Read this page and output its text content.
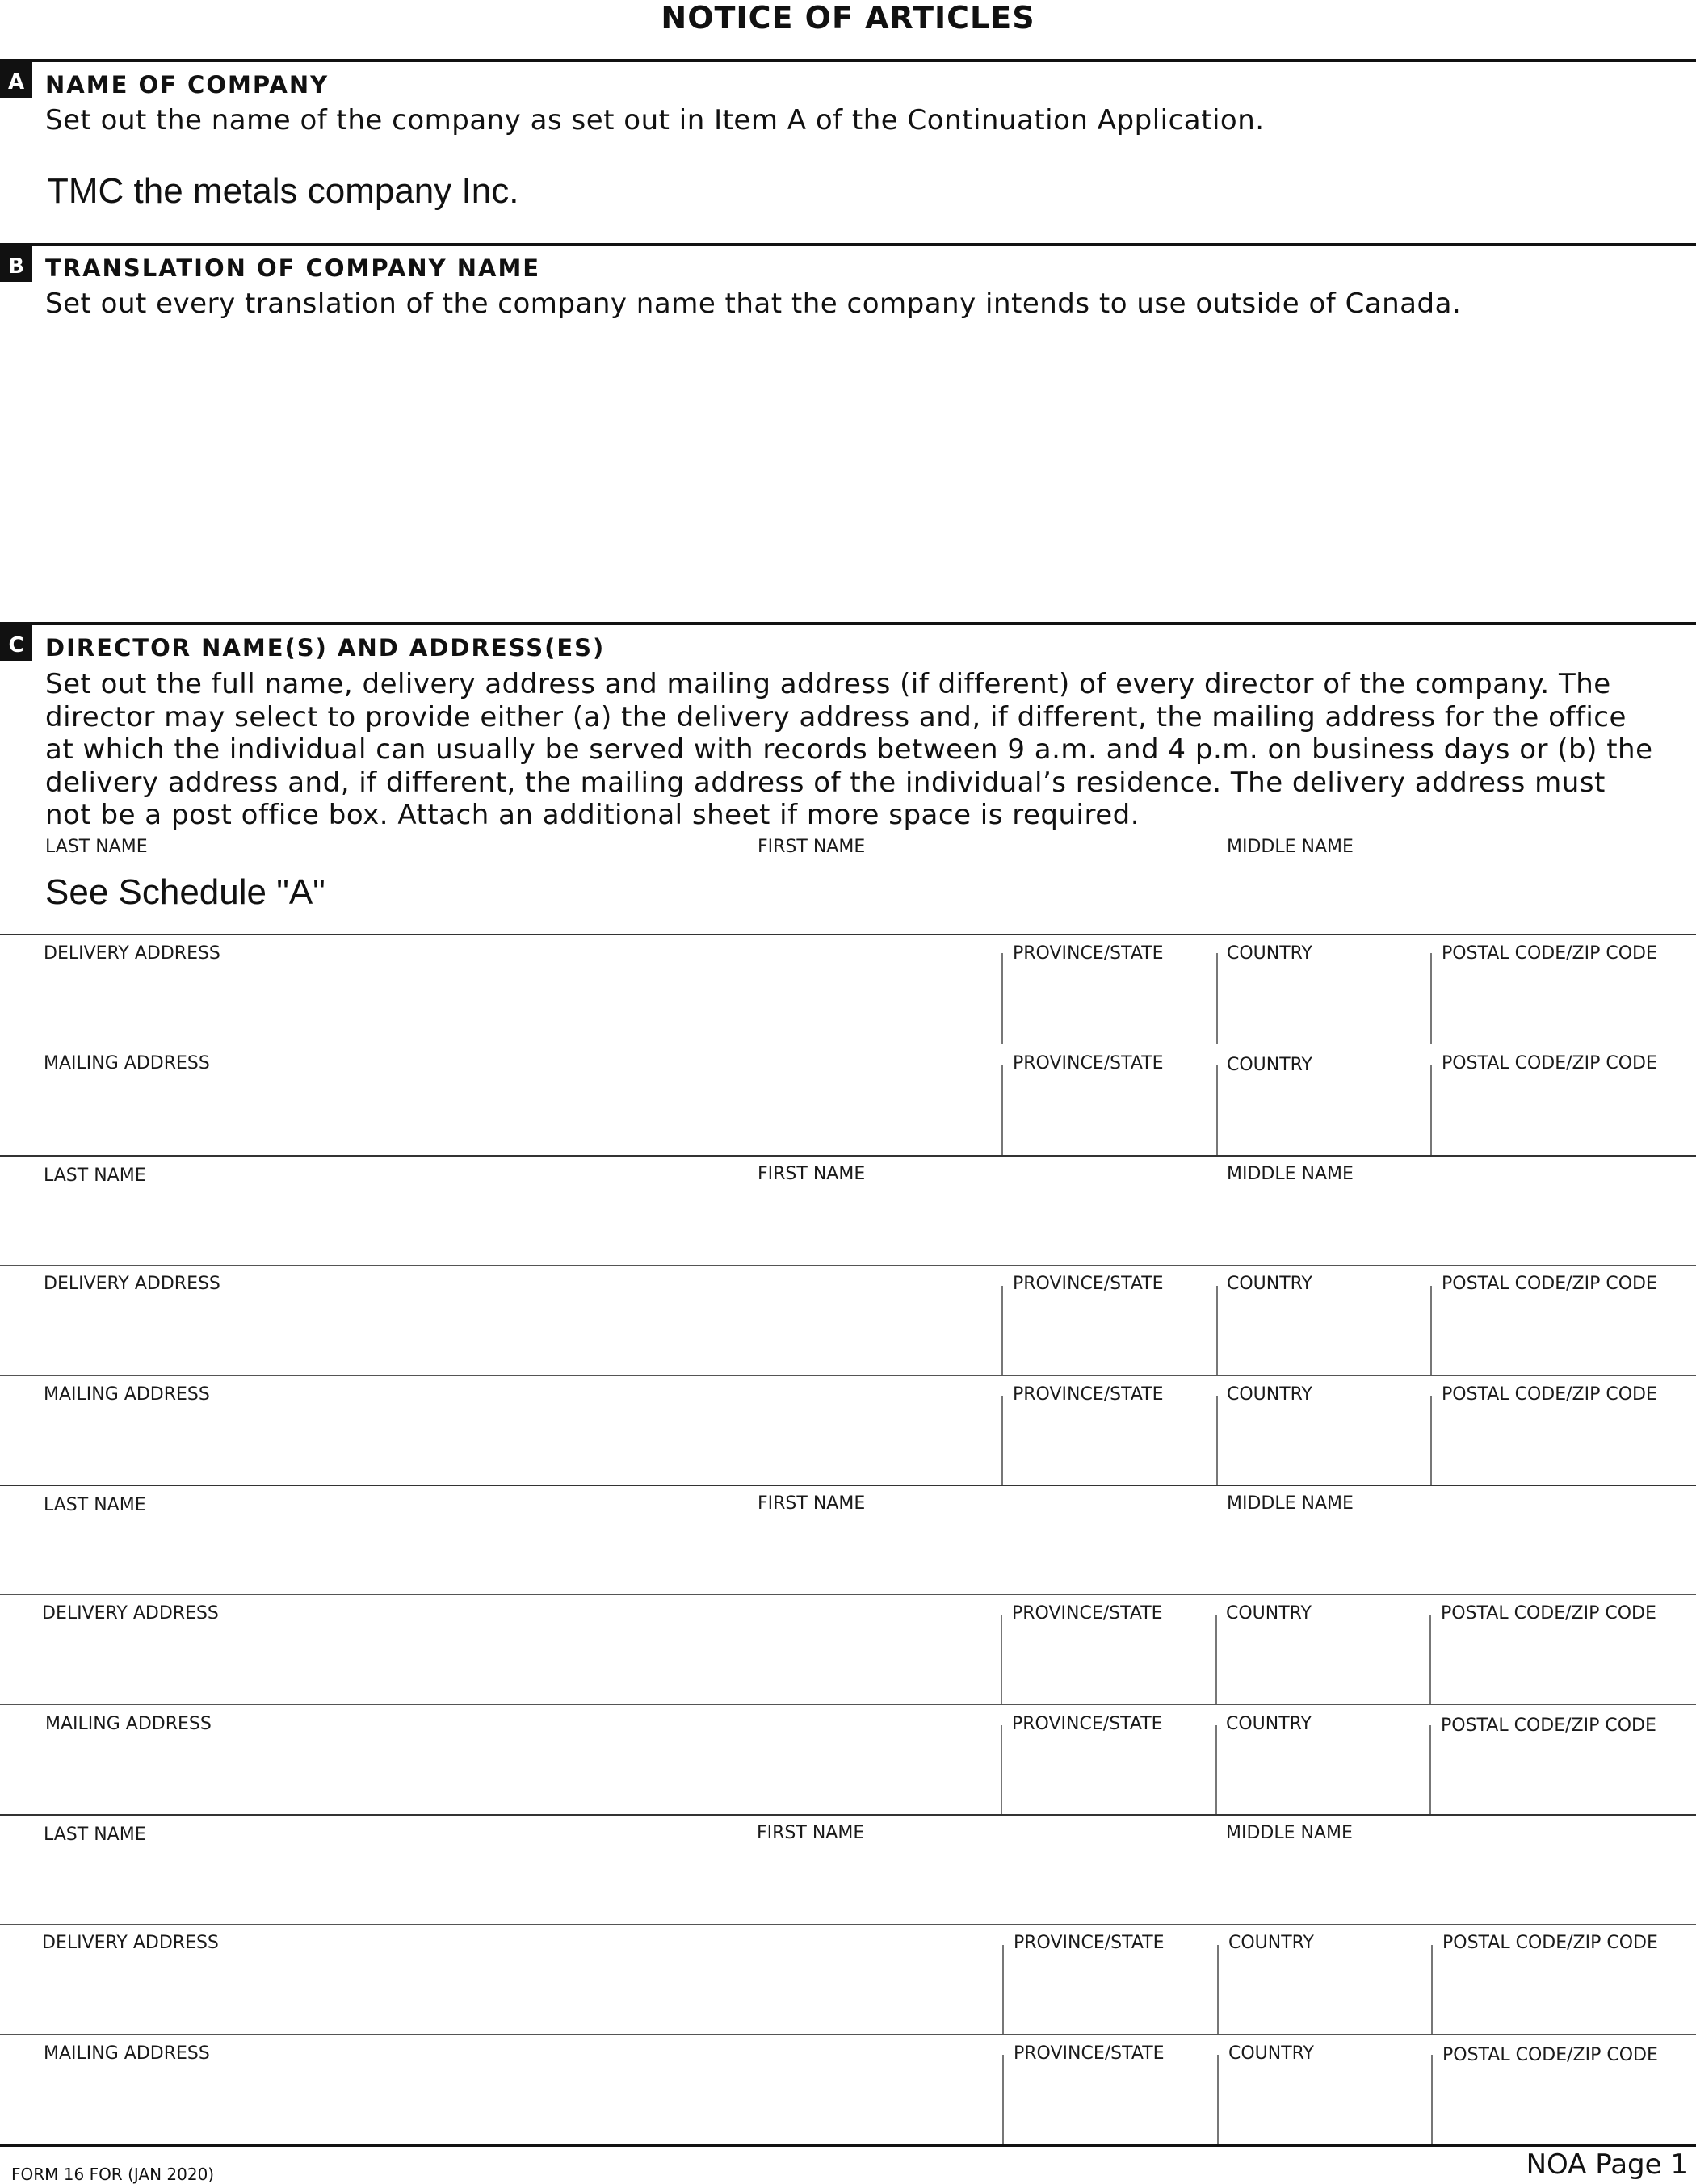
NOTICE OF ARTICLES
A NAME OF COMPANY
Set out the name of the company as set out in Item A of the Continuation Application.
TMC the metals company Inc.
B TRANSLATION OF COMPANY NAME
Set out every translation of the company name that the company intends to use outside of Canada.
C DIRECTOR NAME(S) AND ADDRESS(ES)
Set out the full name, delivery address and mailing address (if different) of every director of the company. The director may select to provide either (a) the delivery address and, if different, the mailing address for the office at which the individual can usually be served with records between 9 a.m. and 4 p.m. on business days or (b) the delivery address and, if different, the mailing address of the individual’s residence. The delivery address must not be a post office box. Attach an additional sheet if more space is required.
LAST NAME	FIRST NAME	MIDDLE NAME
See Schedule "A"
DELIVERY ADDRESS	PROVINCE/STATE	COUNTRY	POSTAL CODE/ZIP CODE
MAILING ADDRESS	PROVINCE/STATE	COUNTRY	POSTAL CODE/ZIP CODE
LAST NAME	FIRST NAME	MIDDLE NAME
DELIVERY ADDRESS	PROVINCE/STATE	COUNTRY	POSTAL CODE/ZIP CODE
MAILING ADDRESS	PROVINCE/STATE	COUNTRY	POSTAL CODE/ZIP CODE
LAST NAME	FIRST NAME	MIDDLE NAME
DELIVERY ADDRESS	PROVINCE/STATE	COUNTRY	POSTAL CODE/ZIP CODE
MAILING ADDRESS	PROVINCE/STATE	COUNTRY	POSTAL CODE/ZIP CODE
LAST NAME	FIRST NAME	MIDDLE NAME
DELIVERY ADDRESS	PROVINCE/STATE	COUNTRY	POSTAL CODE/ZIP CODE
MAILING ADDRESS	PROVINCE/STATE	COUNTRY	POSTAL CODE/ZIP CODE
FORM 16 FOR (JAN 2020)	NOA Page 1
